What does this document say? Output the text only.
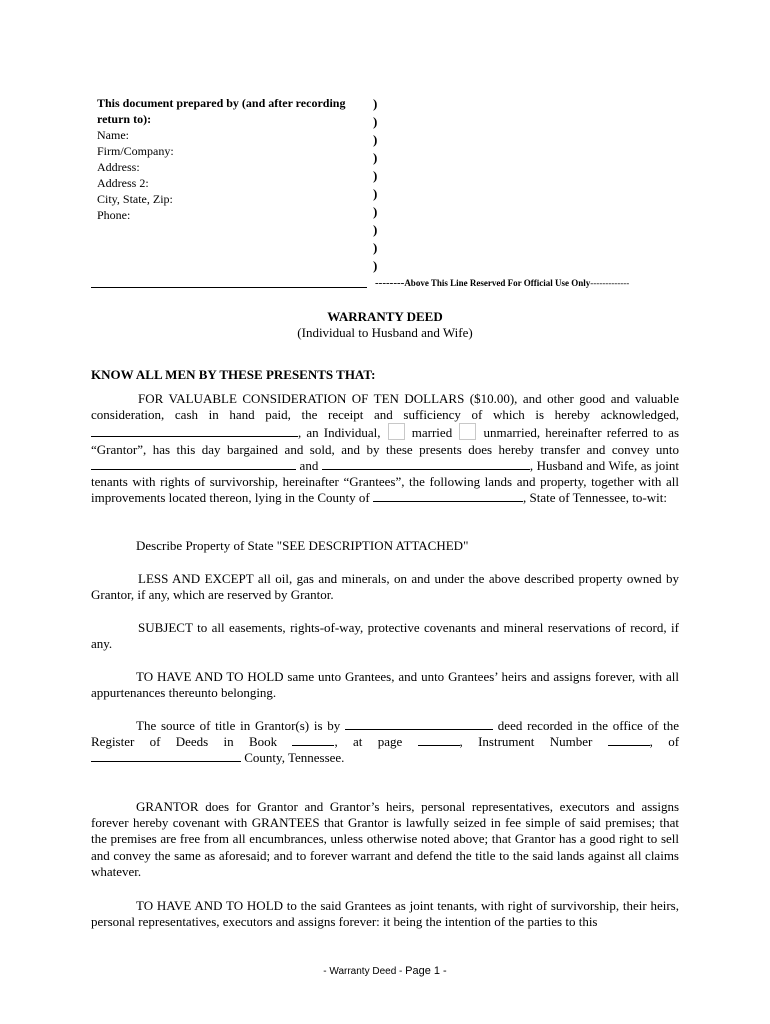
This document prepared by (and after recording
return to):
Name:
Firm/Company:
Address:
Address 2:
City, State, Zip:
Phone:
)
)
)
)
)
)
)
)
)
)
--------Above This Line Reserved For Official Use Only-------------
WARRANTY DEED
(Individual to Husband and Wife)
KNOW ALL MEN BY THESE PRESENTS THAT:
FOR VALUABLE CONSIDERATION OF TEN DOLLARS ($10.00), and other good and valuable consideration, cash in hand paid, the receipt and sufficiency of which is hereby acknowledged, , an Individual, married unmarried, hereinafter referred to as “Grantor”, has this day bargained and sold, and by these presents does hereby transfer and convey unto  and	, Husband and Wife, as joint tenants with rights of survivorship, hereinafter “Grantees”, the following lands and property, together with all improvements located thereon, lying in the County of	, State of Tennessee, to-wit:
Describe Property of State "SEE DESCRIPTION ATTACHED"
LESS AND EXCEPT all oil, gas and minerals, on and under the above described property owned by Grantor, if any, which are reserved by Grantor.
SUBJECT to all easements, rights-of-way, protective covenants and mineral reservations of record, if any.
TO HAVE AND TO HOLD same unto Grantees, and unto Grantees’ heirs and assigns forever, with all appurtenances thereunto belonging.
The source of title in Grantor(s) is by	deed recorded in the office of the Register of Deeds in Book	, at page	, Instrument Number	, of  County, Tennessee.
GRANTOR does for Grantor and Grantor’s heirs, personal representatives, executors and assigns forever hereby covenant with GRANTEES that Grantor is lawfully seized in fee simple of said premises; that the premises are free from all encumbrances, unless otherwise noted above; that Grantor has a good right to sell and convey the same as aforesaid; and to forever warrant and defend the title to the said lands against all claims whatever.
TO HAVE AND TO HOLD to the said Grantees as joint tenants, with right of survivorship, their heirs, personal representatives, executors and assigns forever: it being the intention of the parties to this
- Warranty Deed - Page 1 -
